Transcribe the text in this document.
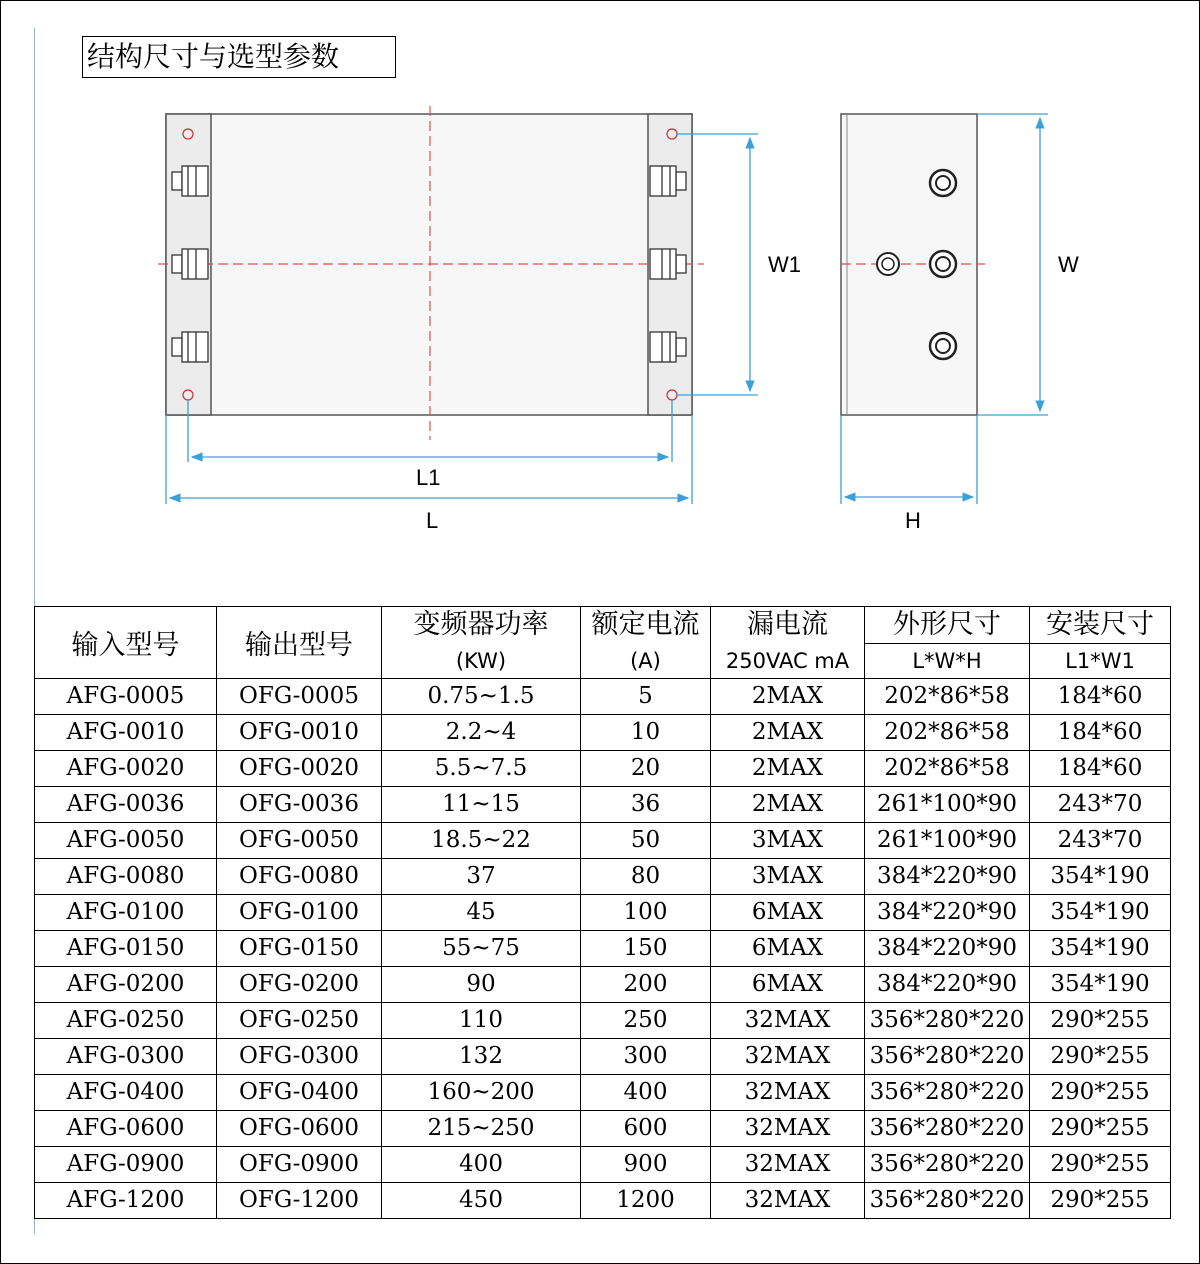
结构尺寸与选型参数
W1	W
L1
L	H
输入型号	输出型号	变频器功率	额定电流	漏电流	外形尺寸	安装尺寸
		(KW)	(A)	250VAC mA	L*W*H	L1*W1
AFG-0005	OFG-0005	0.75~1.5	5	2MAX	202*86*58	184*60
AFG-0010	OFG-0010	2.2~4	10	2MAX	202*86*58	184*60
AFG-0020	OFG-0020	5.5~7.5	20	2MAX	202*86*58	184*60
AFG-0036	OFG-0036	11~15	36	2MAX	261*100*90	243*70
AFG-0050	OFG-0050	18.5~22	50	3MAX	261*100*90	243*70
AFG-0080	OFG-0080	37	80	3MAX	384*220*90	354*190
AFG-0100	OFG-0100	45	100	6MAX	384*220*90	354*190
AFG-0150	OFG-0150	55~75	150	6MAX	384*220*90	354*190
AFG-0200	OFG-0200	90	200	6MAX	384*220*90	354*190
AFG-0250	OFG-0250	110	250	32MAX	356*280*220	290*255
AFG-0300	OFG-0300	132	300	32MAX	356*280*220	290*255
AFG-0400	OFG-0400	160~200	400	32MAX	356*280*220	290*255
AFG-0600	OFG-0600	215~250	600	32MAX	356*280*220	290*255
AFG-0900	OFG-0900	400	900	32MAX	356*280*220	290*255
AFG-1200	OFG-1200	450	1200	32MAX	356*280*220	290*255
